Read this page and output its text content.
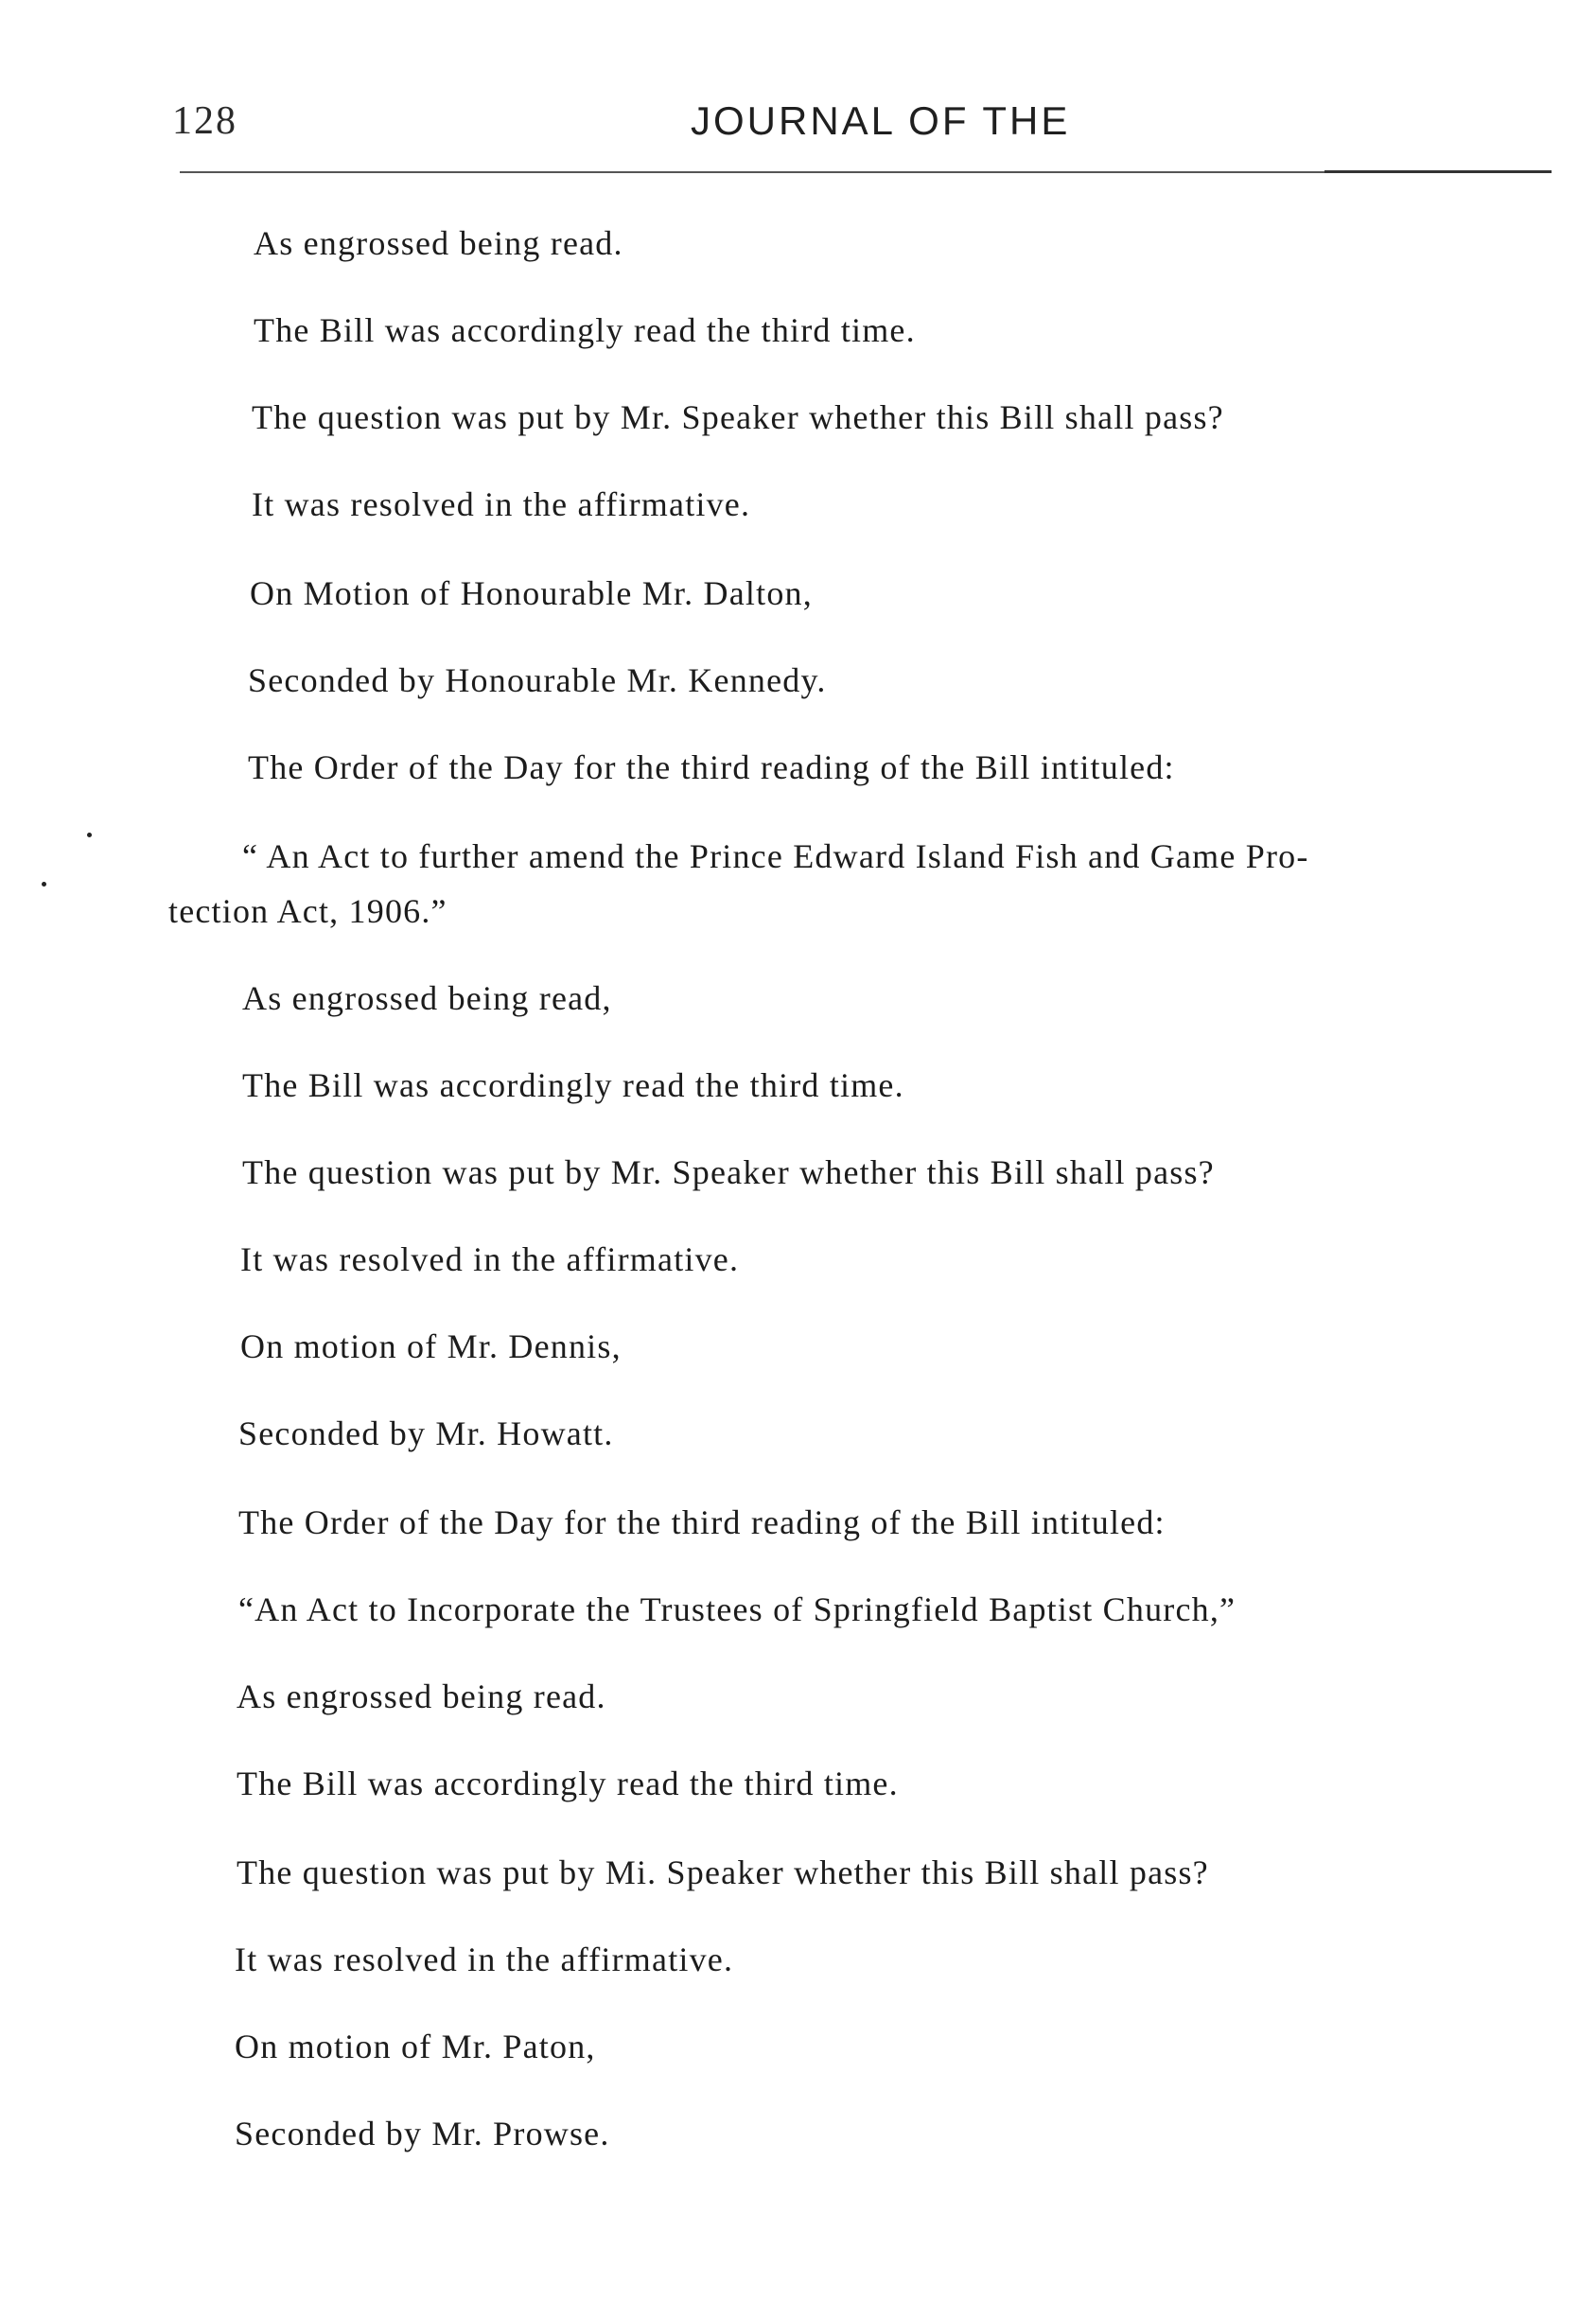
128	JOURNAL OF THE
As engrossed being read.
The Bill was accordingly read the third time.
The question was put by Mr. Speaker whether this Bill shall pass?
It was resolved in the affirmative.
On Motion of Honourable Mr. Dalton,
Seconded by Honourable Mr. Kennedy.
The Order of the Day for the third reading of the Bill intituled:
“ An Act to further amend the Prince Edward Island Fish and Game Pro-
tection Act, 1906.”
As engrossed being read,
The Bill was accordingly read the third time.
The question was put by Mr. Speaker whether this Bill shall pass?
It was resolved in the affirmative.
On motion of Mr. Dennis,
Seconded by Mr. Howatt.
The Order of the Day for the third reading of the Bill intituled:
“An Act to Incorporate the Trustees of Springfield Baptist Church,”
As engrossed being read.
The Bill was accordingly read the third time.
The question was put by Mi. Speaker whether this Bill shall pass?
It was resolved in the affirmative.
On motion of Mr. Paton,
Seconded by Mr. Prowse.
